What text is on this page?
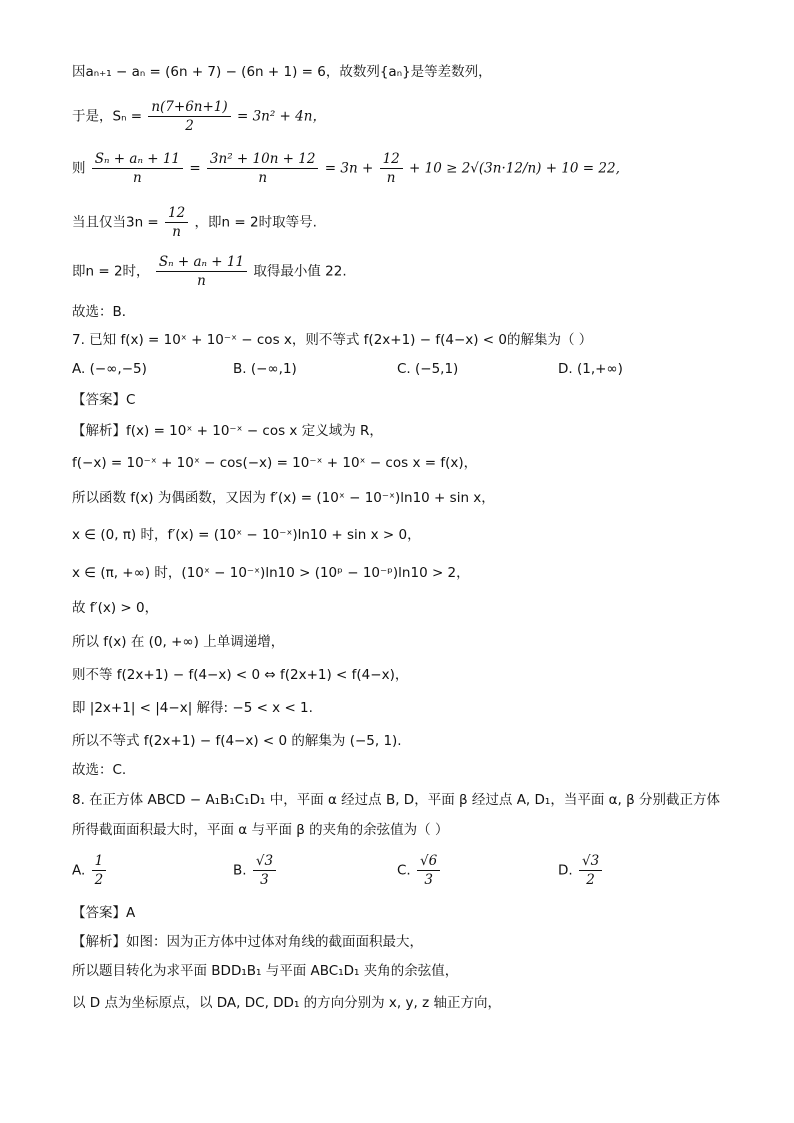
因aₙ₊₁ − aₙ = (6n + 7) − (6n + 1) = 6，故数列{aₙ}是等差数列，
于是，$S_n = \frac{n(7+6n+1)}{2} = 3n^2 + 4n$，
则 $\frac{\text{Sₙ + aₙ + 11}}{n} = \frac{\text{3n² + 10n + 12}}{n} = 3n + \frac{12}{n} + 10 \ge 2√(3n\cdot 12/n) + 10 = 22$,
当且仅当$3n = \frac{12}{n}$ ，即n = 2时取等号.
即n = 2时， $\frac{\text{Sₙ + aₙ + 11}}{n}$ 取得最小值 22.
故选：B．
7. 已知 f(x) = 10ˣ + 10⁻ˣ − cos x，则不等式 f(2x+1) − f(4−x) < 0的解集为（ ）
A. (−∞,−5)	B. (−∞,1)	C. (−5,1)	D. (1,+∞)
【答案】C
【解析】f(x) = 10ˣ + 10⁻ˣ − cos x 定义域为 R，
f(−x) = 10⁻ˣ + 10ˣ − cos(−x) = 10⁻ˣ + 10ˣ − cos x = f(x)，
所以函数 f(x) 为偶函数，又因为 f′(x) = (10ˣ − 10⁻ˣ)ln10 + sin x，
x ∈ (0, π) 时，f′(x) = (10ˣ − 10⁻ˣ)ln10 + sin x > 0，
x ∈ (π, +∞) 时，(10ˣ − 10⁻ˣ)ln10 > (10ᵖ − 10⁻ᵖ)ln10 > 2，
故 f′(x) > 0，
所以 f(x) 在 (0, +∞) 上单调递增，
则不等 f(2x+1) − f(4−x) < 0 ⇔ f(2x+1) < f(4−x)，
即 |2x+1| < |4−x| 解得: −5 < x < 1.
所以不等式 f(2x+1) − f(4−x) < 0 的解集为 (−5, 1).
故选：C.
8. 在正方体 ABCD − A₁B₁C₁D₁ 中，平面 α 经过点 B, D，平面 β 经过点 A, D₁，当平面 α, β 分别截正方体
所得截面面积最大时，平面 α 与平面 β 的夹角的余弦值为（ ）
A. $\frac{1}{2}$	B. $\frac{√3}{3}$	C. $\frac{√6}{3}$	D. $\frac{√3}{2}$
【答案】A
【解析】如图：因为正方体中过体对角线的截面面积最大，
所以题目转化为求平面 BDD₁B₁ 与平面 ABC₁D₁ 夹角的余弦值，
以 D 点为坐标原点，以 DA, DC, DD₁ 的方向分别为 x, y, z 轴正方向，
